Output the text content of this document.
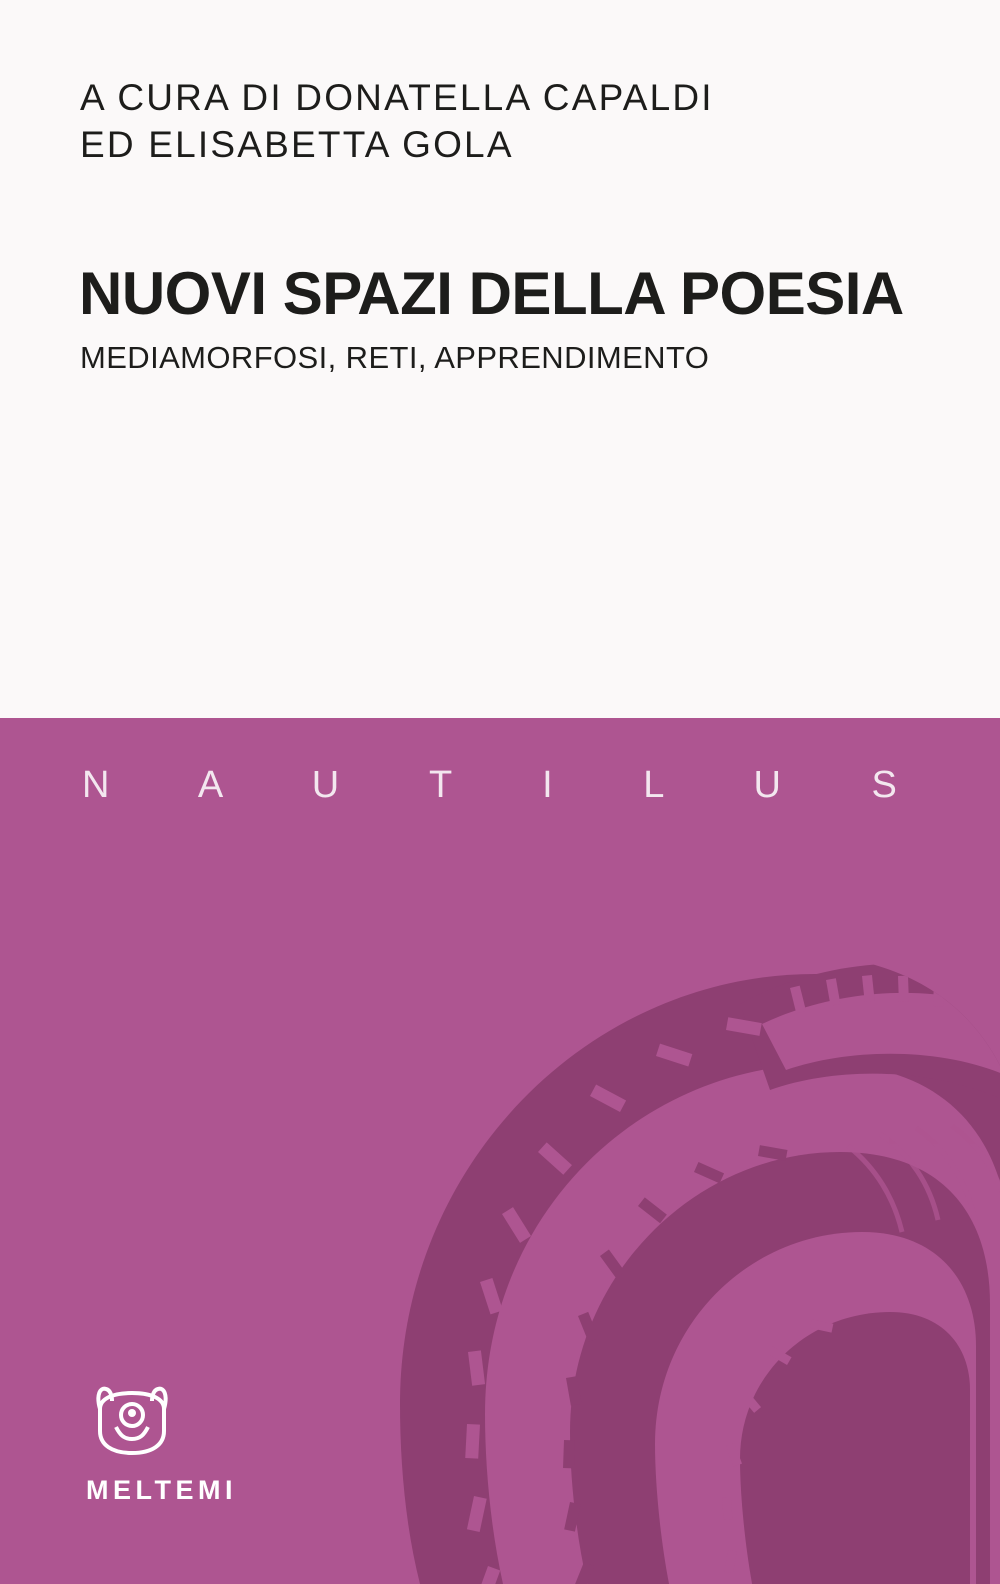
A CURA DI DONATELLA CAPALDI
ED ELISABETTA GOLA
NUOVI SPAZI DELLA POESIA
MEDIAMORFOSI, RETI, APPRENDIMENTO
N A U T I L U S
MELTEMI
